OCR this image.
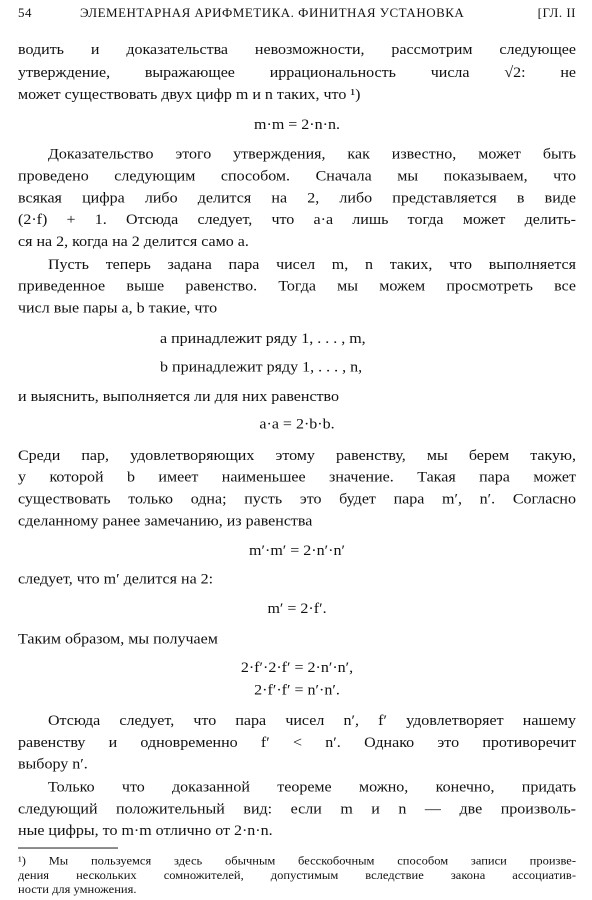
54	ЭЛЕМЕНТАРНАЯ АРИФМЕТИКА. ФИНИТНАЯ УСТАНОВКА	[ГЛ. II
водить и доказательства невозможности, рассмотрим следующее
утверждение, выражающее иррациональность числа √2: не
может существовать двух цифр m и n таких, что ¹)
m·m = 2·n·n.
Доказательство этого утверждения, как известно, может быть
проведено следующим способом. Сначала мы показываем, что
всякая цифра либо делится на 2, либо представляется в виде
(2·f) + 1. Отсюда следует, что a·a лишь тогда может делить-
ся на 2, когда на 2 делится само a.
Пусть теперь задана пара чисел m, n таких, что выполняется
приведенное выше равенство. Тогда мы можем просмотреть все
числ вые пары a, b такие, что
a принадлежит ряду 1, . . . , m,
b принадлежит ряду 1, . . . , n,
и выяснить, выполняется ли для них равенство
a·a = 2·b·b.
Среди пар, удовлетворяющих этому равенству, мы берем такую,
у которой b имеет наименьшее значение. Такая пара может
существовать только одна; пусть это будет пара m′, n′. Согласно
сделанному ранее замечанию, из равенства
m′·m′ = 2·n′·n′
следует, что m′ делится на 2:
m′ = 2·f′.
Таким образом, мы получаем
2·f′·2·f′ = 2·n′·n′,
2·f′·f′ = n′·n′.
Отсюда следует, что пара чисел n′, f′ удовлетворяет нашему
равенству и одновременно f′ < n′. Однако это противоречит
выбору n′.
Только что доказанной теореме можно, конечно, придать
следующий положительный вид: если m и n — две произволь-
ные цифры, то m·m отлично от 2·n·n.
¹) Мы пользуемся здесь обычным бесскобочным способом записи произве-
дения нескольких сомножителей, допустимым вследствие закона ассоциатив-
ности для умножения.
